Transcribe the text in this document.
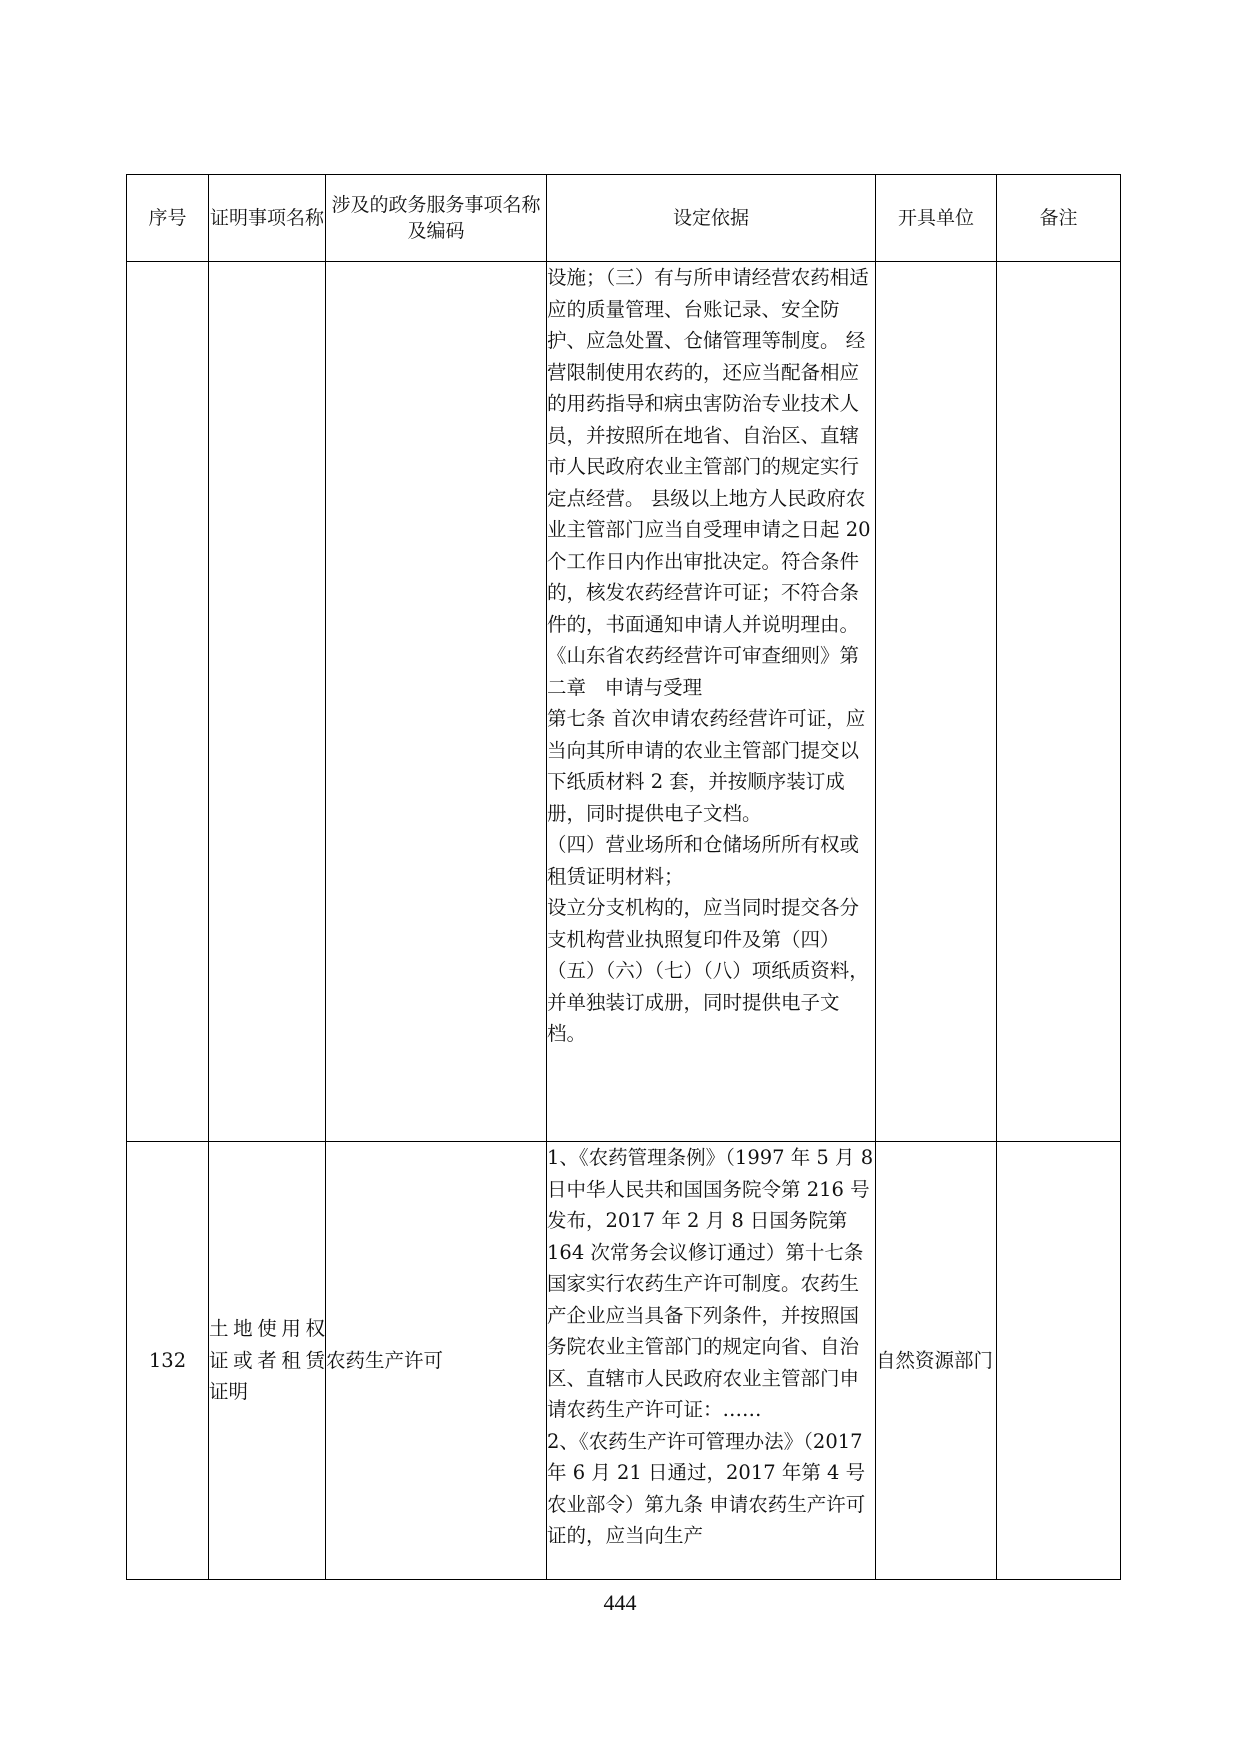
序号	证明事项名称	涉及的政务服务事项名称及编码	设定依据	开具单位	备注

			设施；（三）有与所申请经营农药相适应的质量管理、台账记录、安全防护、应急处置、仓储管理等制度。 经营限制使用农药的，还应当配备相应的用药指导和病虫害防治专业技术人员，并按照所在地省、自治区、直辖市人民政府农业主管部门的规定实行定点经营。 县级以上地方人民政府农业主管部门应当自受理申请之日起 20 个工作日内作出审批决定。符合条件的，核发农药经营许可证；不符合条件的，书面通知申请人并说明理由。

《山东省农药经营许可审查细则》第二章   申请与受理

第七条 首次申请农药经营许可证，应当向其所申请的农业主管部门提交以下纸质材料 2 套，并按顺序装订成册，同时提供电子文档。

（四）营业场所和仓储场所所有权或租赁证明材料；

设立分支机构的，应当同时提交各分支机构营业执照复印件及第（四）（五）（六）（七）（八）项纸质资料，并单独装订成册，同时提供电子文档。		

132	土地使用权证或者租赁证明	农药生产许可	1、《农药管理条例》（1997 年 5 月 8 日中华人民共和国国务院令第 216 号发布，2017 年 2 月 8 日国务院第 164 次常务会议修订通过）第十七条 国家实行农药生产许可制度。农药生产企业应当具备下列条件，并按照国务院农业主管部门的规定向省、自治区、直辖市人民政府农业主管部门申请农药生产许可证：……

2、《农药生产许可管理办法》（2017 年 6 月 21 日通过，2017 年第 4 号农业部令）第九条 申请农药生产许可证的，应当向生产	自然资源部门	
444
